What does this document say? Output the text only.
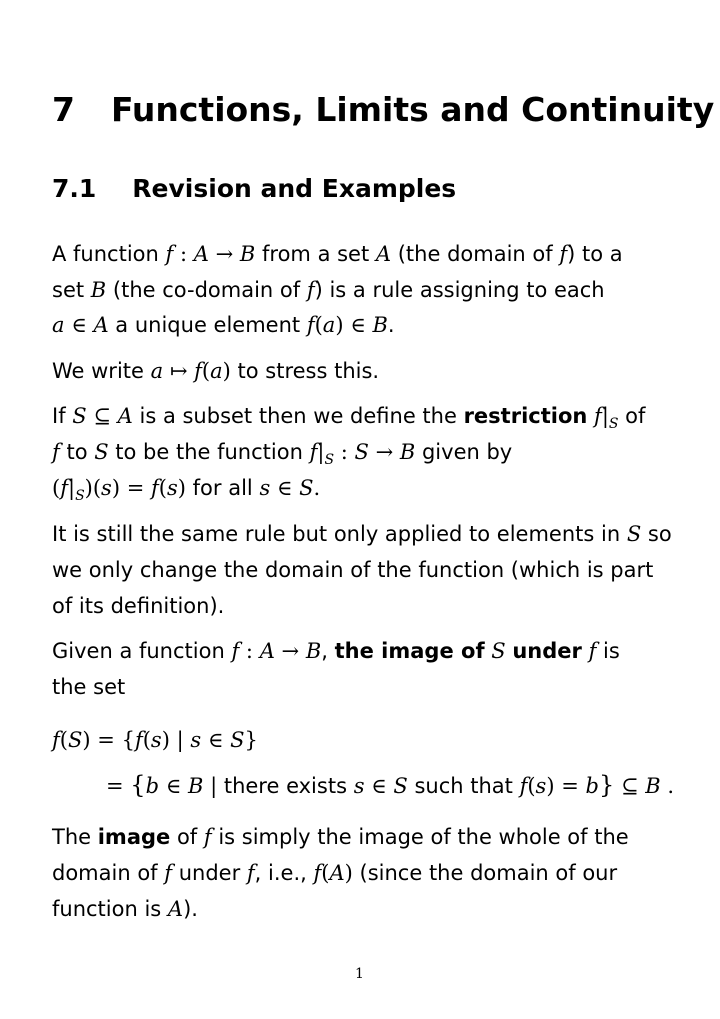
7 Functions, Limits and Continuity
7.1 Revision and Examples
A function f : A → B from a set A (the domain of f) to a
set B (the co-domain of f) is a rule assigning to each
a ∈ A a unique element f(a) ∈ B.
We write a ↦ f(a) to stress this.
If S ⊆ A is a subset then we define the restriction $f|_S$ of
f to S to be the function $f|_S$ : S → B given by
$(f|_S)(s) = f(s)$ for all s ∈ S.
It is still the same rule but only applied to elements in S so
we only change the domain of the function (which is part
of its definition).
Given a function f : A → B, the image of S under f is
the set
f(S) = {f(s) | s ∈ S}
= {b ∈ B | there exists s ∈ S such that f(s) = b} ⊆ B .
The image of f is simply the image of the whole of the
domain of f under f, i.e., f(A) (since the domain of our
function is A).
1
